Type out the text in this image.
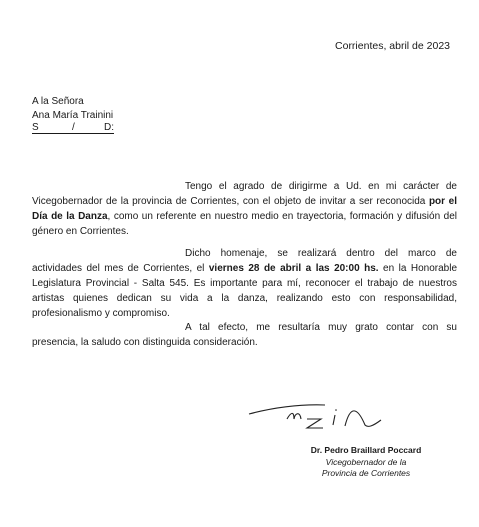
Corrientes, abril de 2023
A la Señora
Ana María Trainini
S	/	D:
Tengo el agrado de dirigirme a Ud. en mi carácter de Vicegobernador de la provincia de Corrientes, con el objeto de invitar a ser reconocida por el Día de la Danza, como un referente en nuestro medio en trayectoria, formación y difusión del género en Corrientes.
Dicho homenaje, se realizará dentro del marco de actividades del mes de Corrientes, el viernes 28 de abril a las 20:00 hs. en la Honorable Legislatura Provincial - Salta 545. Es importante para mí, reconocer el trabajo de nuestros artistas quienes dedican su vida a la danza, realizando esto con responsabilidad, profesionalismo y compromiso.
A tal efecto, me resultaría muy grato contar con su presencia, la saludo con distinguida consideración.
Dr. Pedro Braillard Poccard
Vicegobernador de la
Provincia de Corrientes
